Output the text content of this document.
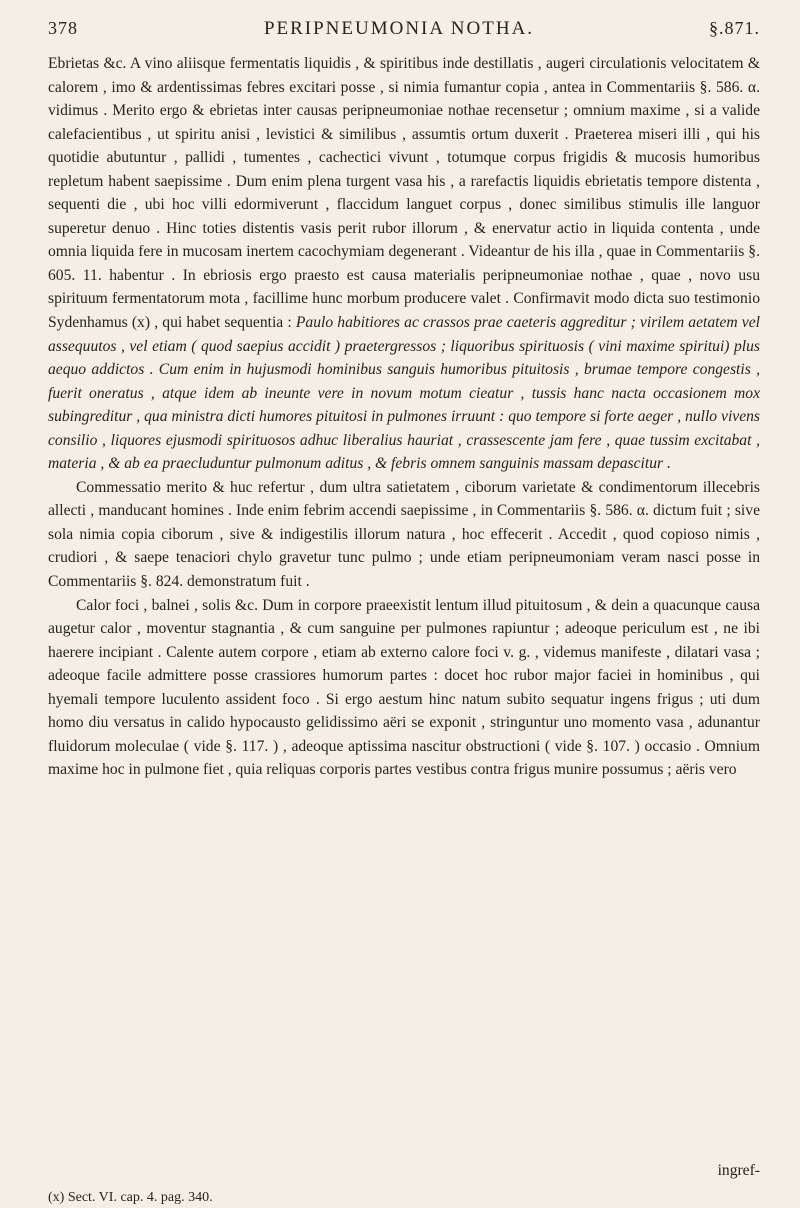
378	PERIPNEUMONIA NOTHA.	§.871.

Ebrietas &c. A vino aliisque fermentatis liquidis , & spiritibus inde destillatis , augeri circulationis velocitatem & calorem , imo & ardentissimas febres excitari posse , si nimia fumantur copia , antea in Commentariis §. 586. α. vidimus . Merito ergo & ebrietas inter causas peripneumoniae nothae recensetur ; omnium maxime , si a valide calefacientibus , ut spiritu anisi , levistici & similibus , assumtis ortum duxerit . Praeterea miseri illi , qui his quotidie abutuntur , pallidi , tumentes , cachectici vivunt , totumque corpus frigidis & mucosis humoribus repletum habent saepissime . Dum enim plena turgent vasa his , a rarefactis liquidis ebrietatis tempore distenta , sequenti die , ubi hoc villi edormiverunt , flaccidum languet corpus , donec similibus stimulis ille languor superetur denuo . Hinc toties distentis vasis perit rubor illorum , & enervatur actio in liquida contenta , unde omnia liquida fere in mucosam inertem cacochymiam degenerant . Videantur de his illa , quae in Commentariis §. 605. 11. habentur . In ebriosis ergo praesto est causa materialis peripneumoniae nothae , quae , novo usu spirituum fermentatorum mota , facillime hunc morbum producere valet . Confirmavit modo dicta suo testimonio Sydenhamus (x) , qui habet sequentia : Paulo habitiores ac crassos prae caeteris aggreditur ; virilem aetatem vel assequutos , vel etiam ( quod saepius accidit ) praetergressos ; liquoribus spirituosis ( vini maxime spiritui) plus aequo addictos . Cum enim in hujusmodi hominibus sanguis humoribus pituitosis , brumae tempore congestis , fuerit oneratus , atque idem ab ineunte vere in novum motum cieatur , tussis hanc nacta occasionem mox subingreditur , qua ministra dicti humores pituitosi in pulmones irruunt : quo tempore si forte aeger , nullo vivens consilio , liquores ejusmodi spirituosos adhuc liberalius hauriat , crassescente jam fere , quae tussim excitabat , materia , & ab ea praecluduntur pulmonum aditus , & febris omnem sanguinis massam depascitur .

Commessatio merito & huc refertur , dum ultra satietatem , ciborum varietate & condimentorum illecebris allecti , manducant homines . Inde enim febrim accendi saepissime , in Commentariis §. 586. α. dictum fuit ; sive sola nimia copia ciborum , sive & indigestilis illorum natura , hoc effecerit . Accedit , quod copioso nimis , crudiori , & saepe tenaciori chylo gravetur tunc pulmo ; unde etiam peripneumoniam veram nasci posse in Commentariis §. 824. demonstratum fuit .

Calor foci , balnei , solis &c. Dum in corpore praeexistit lentum illud pituitosum , & dein a quacunque causa augetur calor , moventur stagnantia , & cum sanguine per pulmones rapiuntur ; adeoque periculum est , ne ibi haerere incipiant . Calente autem corpore , etiam ab externo calore foci v. g. , videmus manifeste , dilatari vasa ; adeoque facile admittere posse crassiores humorum partes : docet hoc rubor major faciei in hominibus , qui hyemali tempore luculento assident foco . Si ergo aestum hinc natum subito sequatur ingens frigus ; uti dum homo diu versatus in calido hypocausto gelidissimo aëri se exponit , stringuntur uno momento vasa , adunantur fluidorum moleculae ( vide §. 117. ) , adeoque aptissima nascitur obstructioni ( vide §. 107. ) occasio . Omnium maxime hoc in pulmone fiet , quia reliquas corporis partes vestibus contra frigus munire possumus ; aëris vero

ingref-
(x)
Sect. VI. cap. 4. pag. 340.
